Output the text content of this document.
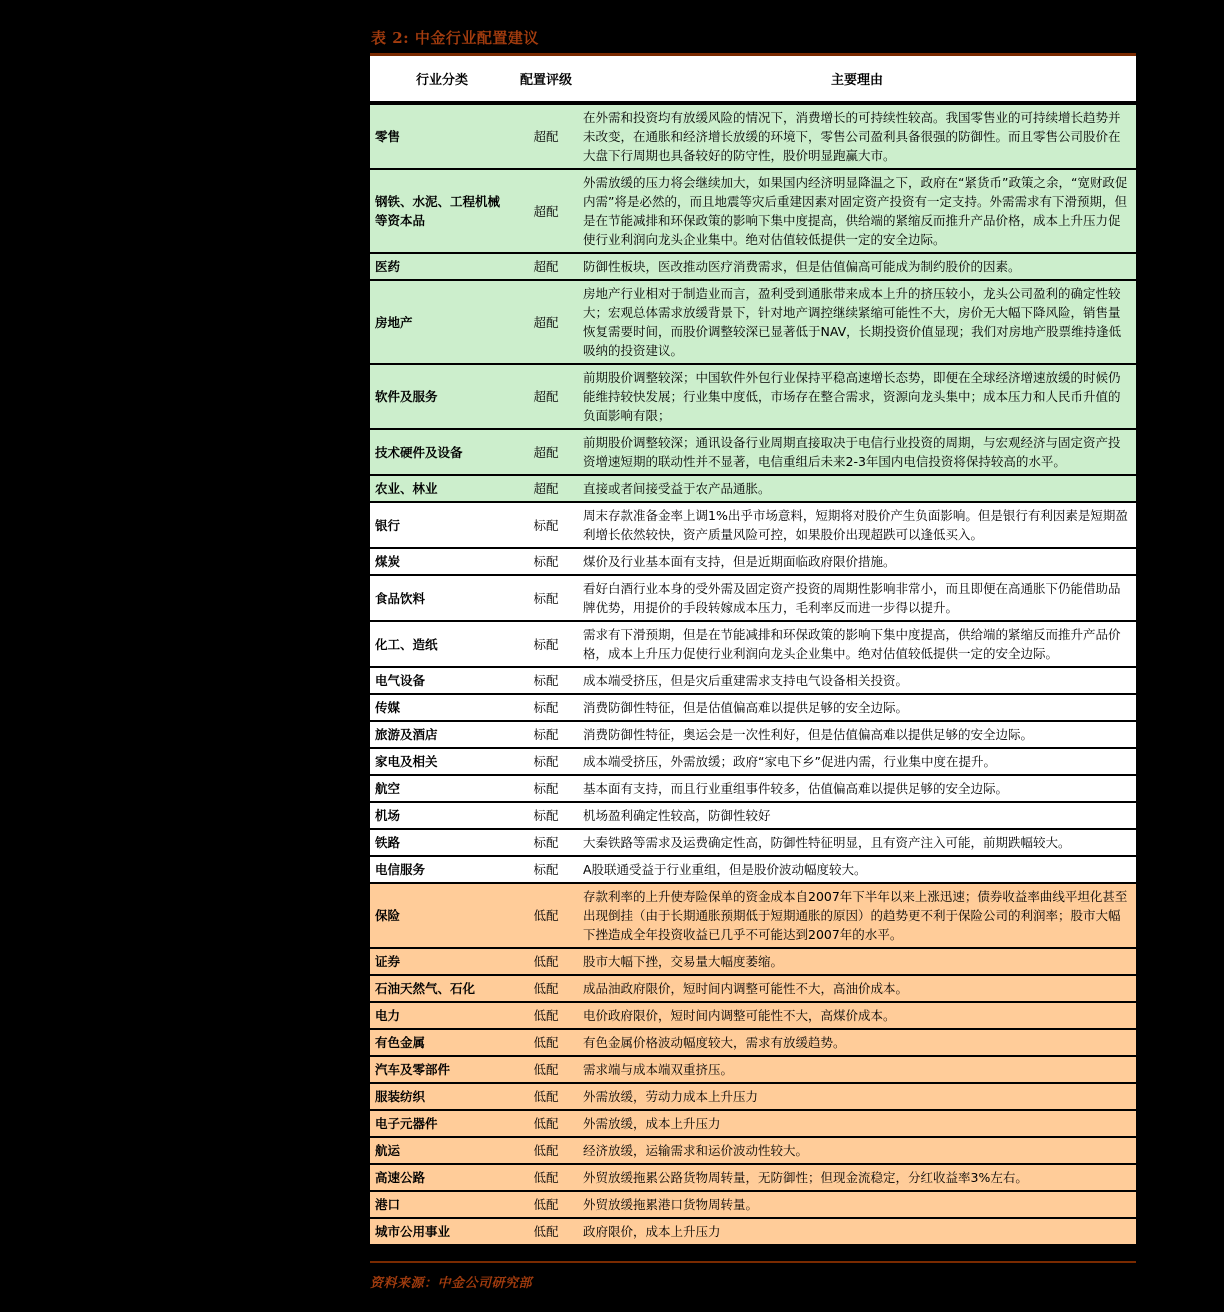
表 2: 中金行业配置建议
行业分类	配置评级	主要理由
零售	超配	在外需和投资均有放缓风险的情况下，消费增长的可持续性较高。我国零售业的可持续增长趋势并未改变，在通胀和经济增长放缓的环境下，零售公司盈利具备很强的防御性。而且零售公司股价在大盘下行周期也具备较好的防守性，股价明显跑赢大市。
钢铁、水泥、工程机械等资本品	超配	外需放缓的压力将会继续加大，如果国内经济明显降温之下，政府在“紧货币”政策之余，“宽财政促内需”将是必然的，而且地震等灾后重建因素对固定资产投资有一定支持。外需需求有下滑预期，但是在节能减排和环保政策的影响下集中度提高，供给端的紧缩反而推升产品价格，成本上升压力促使行业利润向龙头企业集中。绝对估值较低提供一定的安全边际。
医药	超配	防御性板块，医改推动医疗消费需求，但是估值偏高可能成为制约股价的因素。
房地产	超配	房地产行业相对于制造业而言，盈利受到通胀带来成本上升的挤压较小，龙头公司盈利的确定性较大；宏观总体需求放缓背景下，针对地产调控继续紧缩可能性不大，房价无大幅下降风险，销售量恢复需要时间，而股价调整较深已显著低于NAV，长期投资价值显现；我们对房地产股票维持逢低吸纳的投资建议。
软件及服务	超配	前期股价调整较深；中国软件外包行业保持平稳高速增长态势，即便在全球经济增速放缓的时候仍能维持较快发展；行业集中度低，市场存在整合需求，资源向龙头集中；成本压力和人民币升值的负面影响有限；
技术硬件及设备	超配	前期股价调整较深；通讯设备行业周期直接取决于电信行业投资的周期，与宏观经济与固定资产投资增速短期的联动性并不显著，电信重组后未来2-3年国内电信投资将保持较高的水平。
农业、林业	超配	直接或者间接受益于农产品通胀。
银行	标配	周末存款准备金率上调1%出乎市场意料，短期将对股价产生负面影响。但是银行有利因素是短期盈利增长依然较快，资产质量风险可控，如果股价出现超跌可以逢低买入。
煤炭	标配	煤价及行业基本面有支持，但是近期面临政府限价措施。
食品饮料	标配	看好白酒行业本身的受外需及固定资产投资的周期性影响非常小，而且即便在高通胀下仍能借助品牌优势，用提价的手段转嫁成本压力，毛利率反而进一步得以提升。
化工、造纸	标配	需求有下滑预期，但是在节能减排和环保政策的影响下集中度提高，供给端的紧缩反而推升产品价格，成本上升压力促使行业利润向龙头企业集中。绝对估值较低提供一定的安全边际。
电气设备	标配	成本端受挤压，但是灾后重建需求支持电气设备相关投资。
传媒	标配	消费防御性特征，但是估值偏高难以提供足够的安全边际。
旅游及酒店	标配	消费防御性特征，奥运会是一次性利好，但是估值偏高难以提供足够的安全边际。
家电及相关	标配	成本端受挤压，外需放缓；政府“家电下乡”促进内需，行业集中度在提升。
航空	标配	基本面有支持，而且行业重组事件较多，估值偏高难以提供足够的安全边际。
机场	标配	机场盈利确定性较高，防御性较好
铁路	标配	大秦铁路等需求及运费确定性高，防御性特征明显，且有资产注入可能，前期跌幅较大。
电信服务	标配	A股联通受益于行业重组，但是股价波动幅度较大。
保险	低配	存款利率的上升使寿险保单的资金成本自2007年下半年以来上涨迅速；债券收益率曲线平坦化甚至出现倒挂（由于长期通胀预期低于短期通胀的原因）的趋势更不利于保险公司的利润率；股市大幅下挫造成全年投资收益已几乎不可能达到2007年的水平。
证券	低配	股市大幅下挫，交易量大幅度萎缩。
石油天然气、石化	低配	成品油政府限价，短时间内调整可能性不大，高油价成本。
电力	低配	电价政府限价，短时间内调整可能性不大，高煤价成本。
有色金属	低配	有色金属价格波动幅度较大，需求有放缓趋势。
汽车及零部件	低配	需求端与成本端双重挤压。
服装纺织	低配	外需放缓，劳动力成本上升压力
电子元器件	低配	外需放缓，成本上升压力
航运	低配	经济放缓，运输需求和运价波动性较大。
高速公路	低配	外贸放缓拖累公路货物周转量，无防御性；但现金流稳定，分红收益率3%左右。
港口	低配	外贸放缓拖累港口货物周转量。
城市公用事业	低配	政府限价，成本上升压力
资料来源：中金公司研究部
